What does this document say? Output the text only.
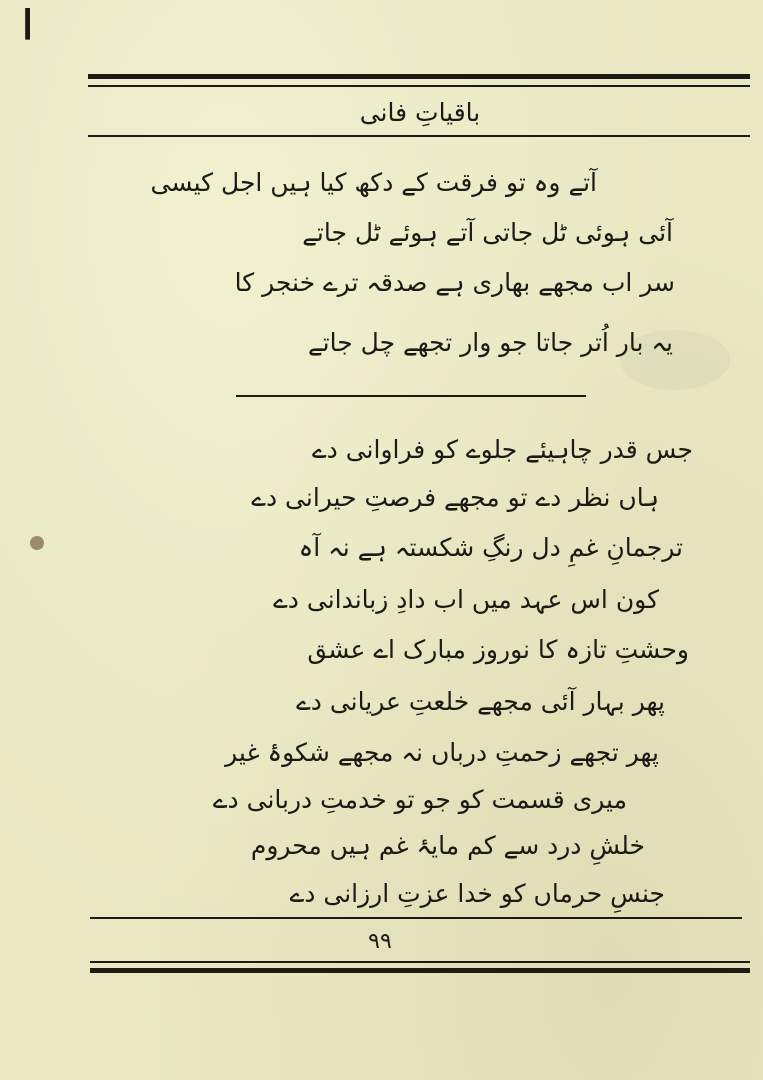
ا
باقیاتِ فانی
آتے وہ تو فرقت کے دکھ کیا ہیں اجل کیسی
آئی ہوئی ٹل جاتی آتے ہوئے ٹل جاتے
سر اب مجھے بھاری ہے صدقہ ترے خنجر کا
یہ بار اُتر جاتا جو وار تجھے چل جاتے
جس قدر چاہیئے جلوے کو فراوانی دے
ہاں نظر دے تو مجھے فرصتِ حیرانی دے
ترجمانِ غمِ دل رنگِ شکستہ ہے نہ آہ
کون اس عہد میں اب دادِ زباندانی دے
وحشتِ تازہ کا نوروز مبارک اے عشق
پھر بہار آئی مجھے خلعتِ عریانی دے
پھر تجھے زحمتِ درباں نہ مجھے شکوۂ غیر
میری قسمت کو جو تو خدمتِ دربانی دے
خلشِ درد سے کم مایۂ غم ہیں محروم
جنسِ حرماں کو خدا عزتِ ارزانی دے
۹۹
